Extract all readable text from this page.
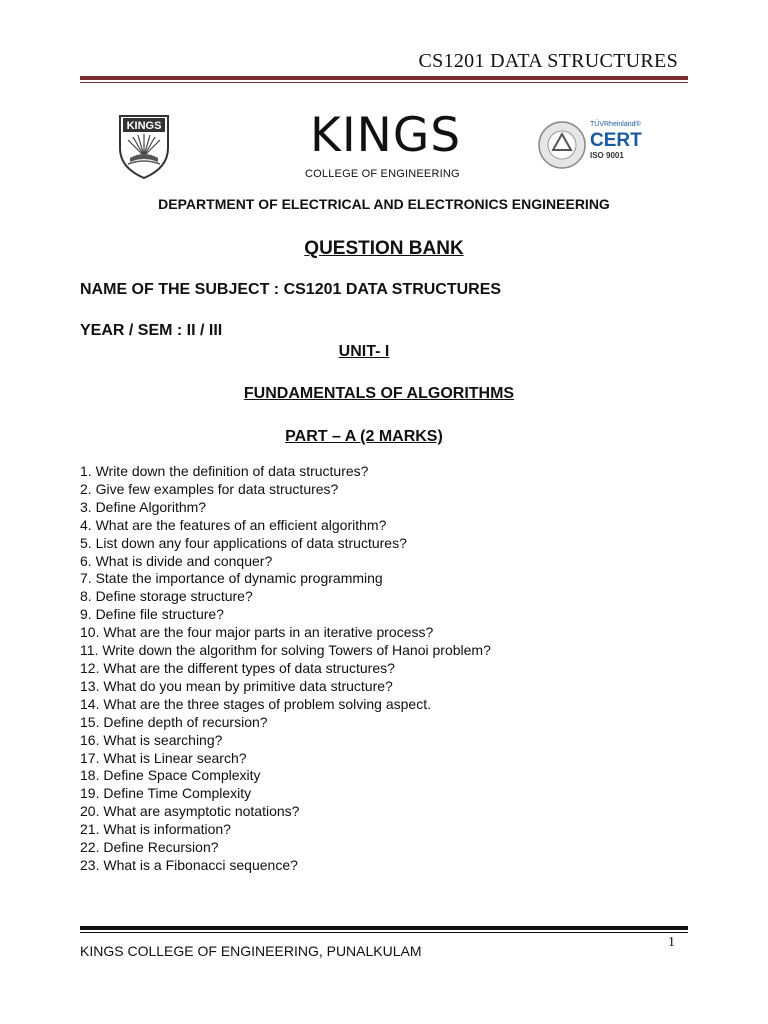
CS1201 DATA STRUCTURES
KINGS	KINGS
COLLEGE OF ENGINEERING
TÜVRheinland®
CERT
ISO 9001
DEPARTMENT OF ELECTRICAL AND ELECTRONICS ENGINEERING
QUESTION BANK
NAME OF THE SUBJECT : CS1201 DATA STRUCTURES
YEAR / SEM : II / III
UNIT- I
FUNDAMENTALS OF ALGORITHMS
PART – A (2 MARKS)
1. Write down the definition of data structures?
2. Give few examples for data structures?
3. Define Algorithm?
4. What are the features of an efficient algorithm?
5. List down any four applications of data structures?
6. What is divide and conquer?
7. State the importance of dynamic programming
8. Define storage structure?
9. Define file structure?
10. What are the four major parts in an iterative process?
11. Write down the algorithm for solving Towers of Hanoi problem?
12. What are the different types of data structures?
13. What do you mean by primitive data structure?
14. What are the three stages of problem solving aspect.
15. Define depth of recursion?
16. What is searching?
17. What is Linear search?
18. Define Space Complexity
19. Define Time Complexity
20. What are asymptotic notations?
21. What is information?
22. Define Recursion?
23. What is a Fibonacci sequence?
KINGS COLLEGE OF ENGINEERING, PUNALKULAM
1
